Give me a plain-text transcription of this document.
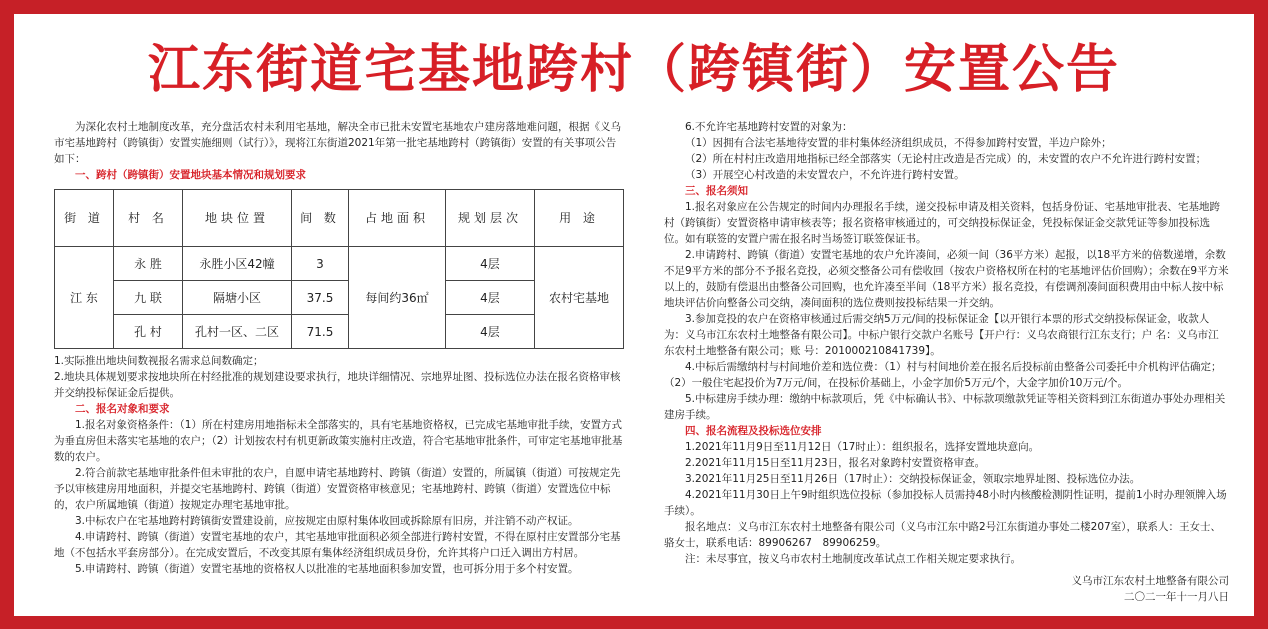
江东街道宅基地跨村（跨镇街）安置公告

为深化农村土地制度改革，充分盘活农村未利用宅基地，解决全市已批未安置宅基地农户建房落地难问题，根据《义乌市宅基地跨村（跨镇街）安置实施细则（试行）》，现将江东街道2021年第一批宅基地跨村（跨镇街）安置的有关事项公告如下：

一、跨村（跨镇街）安置地块基本情况和规划要求

街 道	村 名	地块位置	间 数	占地面积	规划层次	用 途
江 东	永 胜	永胜小区42幢	3	每间约36㎡	4层	农村宅基地
	九 联	隔塘小区	37.5		4层	
	孔 村	孔村一区、二区	71.5		4层	

1.实际推出地块间数视报名需求总间数确定；

2.地块具体规划要求按地块所在村经批准的规划建设要求执行，地块详细情况、宗地界址图、投标选位办法在报名资格审核并交纳投标保证金后提供。

二、报名对象和要求

1.报名对象资格条件：（1）所在村建房用地指标未全部落实的，具有宅基地资格权，已完成宅基地审批手续，安置方式为垂直房但未落实宅基地的农户；（2）计划按农村有机更新政策实施村庄改造，符合宅基地审批条件，可审定宅基地审批基数的农户。

2.符合前款宅基地审批条件但未审批的农户，自愿申请宅基地跨村、跨镇（街道）安置的，所属镇（街道）可按规定先予以审核建房用地面积，并提交宅基地跨村、跨镇（街道）安置资格审核意见；宅基地跨村、跨镇（街道）安置选位中标的，农户所属地镇（街道）按规定办理宅基地审批。

3.中标农户在宅基地跨村跨镇街安置建设前，应按规定由原村集体收回或拆除原有旧房，并注销不动产权证。

4.申请跨村、跨镇（街道）安置宅基地的农户，其宅基地审批面积必须全部进行跨村安置，不得在原村庄安置部分宅基地（不包括水平套房部分）。在完成安置后，不改变其原有集体经济组织成员身份，允许其将户口迁入调出方村居。

5.申请跨村、跨镇（街道）安置宅基地的资格权人以批准的宅基地面积参加安置，也可拆分用于多个村安置。

6.不允许宅基地跨村安置的对象为：

（1）因拥有合法宅基地待安置的非村集体经济组织成员，不得参加跨村安置，半边户除外；

（2）所在村村庄改造用地指标已经全部落实（无论村庄改造是否完成）的，未安置的农户不允许进行跨村安置；

（3）开展空心村改造的未安置农户，不允许进行跨村安置。

三、报名须知

1.报名对象应在公告规定的时间内办理报名手续，递交投标申请及相关资料，包括身份证、宅基地审批表、宅基地跨村（跨镇街）安置资格申请审核表等；报名资格审核通过的，可交纳投标保证金，凭投标保证金交款凭证等参加投标选位。如有联签的安置户需在报名时当场签订联签保证书。

2.申请跨村、跨镇（街道）安置宅基地的农户允许凑间，必须一间（36平方米）起报，以18平方米的倍数递增，余数不足9平方米的部分不予报名竞投，必须交整备公司有偿收回（按农户资格权所在村的宅基地评估价回购）；余数在9平方米以上的，鼓励有偿退出由整备公司回购，也允许凑至半间（18平方米）报名竞投，有偿调剂凑间面积费用由中标人按中标地块评估价向整备公司交纳，凑间面积的选位费则按投标结果一并交纳。

3.参加竞投的农户在资格审核通过后需交纳5万元/间的投标保证金【以开银行本票的形式交纳投标保证金，收款人为：义乌市江东农村土地整备有限公司】。中标户银行交款户名账号【开户行：义乌农商银行江东支行；户 名：义乌市江东农村土地整备有限公司；账 号：201000210841739】。

4.中标后需缴纳村与村间地价差和选位费：（1）村与村间地价差在报名后投标前由整备公司委托中介机构评估确定；（2）一般住宅起投价为7万元/间，在投标价基础上，小金字加价5万元/个，大金字加价10万元/个。

5.中标建房手续办理：缴纳中标款项后，凭《中标确认书》、中标款项缴款凭证等相关资料到江东街道办事处办理相关建房手续。

四、报名流程及投标选位安排

1.2021年11月9日至11月12日（17时止）：组织报名，选择安置地块意向。

2.2021年11月15日至11月23日，报名对象跨村安置资格审查。

3.2021年11月25日至11月26日（17时止）：交纳投标保证金，领取宗地界址图、投标选位办法。

4.2021年11月30日上午9时组织选位投标（参加投标人员需持48小时内核酸检测阴性证明，提前1小时办理领牌入场手续）。

报名地点：义乌市江东农村土地整备有限公司（义乌市江东中路2号江东街道办事处二楼207室），联系人：王女士、骆女士，联系电话：89906267　89906259。

注：未尽事宜，按义乌市农村土地制度改革试点工作相关规定要求执行。

义乌市江东农村土地整备有限公司
二〇二一年十一月八日
